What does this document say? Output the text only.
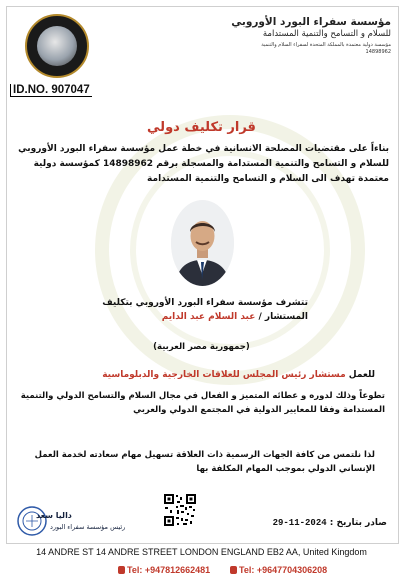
مؤسسة سفراء البورد الأوروبي
للسلام و التسامح والتنمية المستدامة
مؤسسة دولية معتمدة بالمملكة المتحدة لسفراء السلام والتنمية
14898962
ID.NO. 907047
قرار تكليف دولي
بناءاً على مقتضيات المصلحة الانسانية في خطة عمل مؤسسة سفراء البورد الأوروبي للسلام و التسامح والتنمية المستدامة والمسجلة برقم 14898962 كمؤسسة دولية معتمدة تهدف الى السلام و التسامح والتنمية المستدامة
تتشرف مؤسسة سفراء البورد الأوروبي بتكليف
المستشار / عبد السلام عبد الدايم
(جمهورية مصر العربية)
للعمل مستشار رئيس المجلس للعلاقات الخارجية والدبلوماسية
تطوعاً وذلك لدوره و عطائه المتميز و الفعال في مجال السلام والتسامح الدولي والتنمية المستدامة وفقا للمعايير الدولية في المجتمع الدولي والعربي
لذا نلتمس من كافة الجهات الرسمية ذات العلاقة تسهيل مهام سعادته لخدمة العمل الإنساني الدولي بموجب المهام المكلفة بها
داليا سعد
رئيس مؤسسة سفراء البورد	صادر بتاريخ : 29-11-2024
14 ANDRE ST 14 ANDRE STREET LONDON ENGLAND EB2 AA, United Kingdom
Tel: +947812662481	Tel: +9647704306208
